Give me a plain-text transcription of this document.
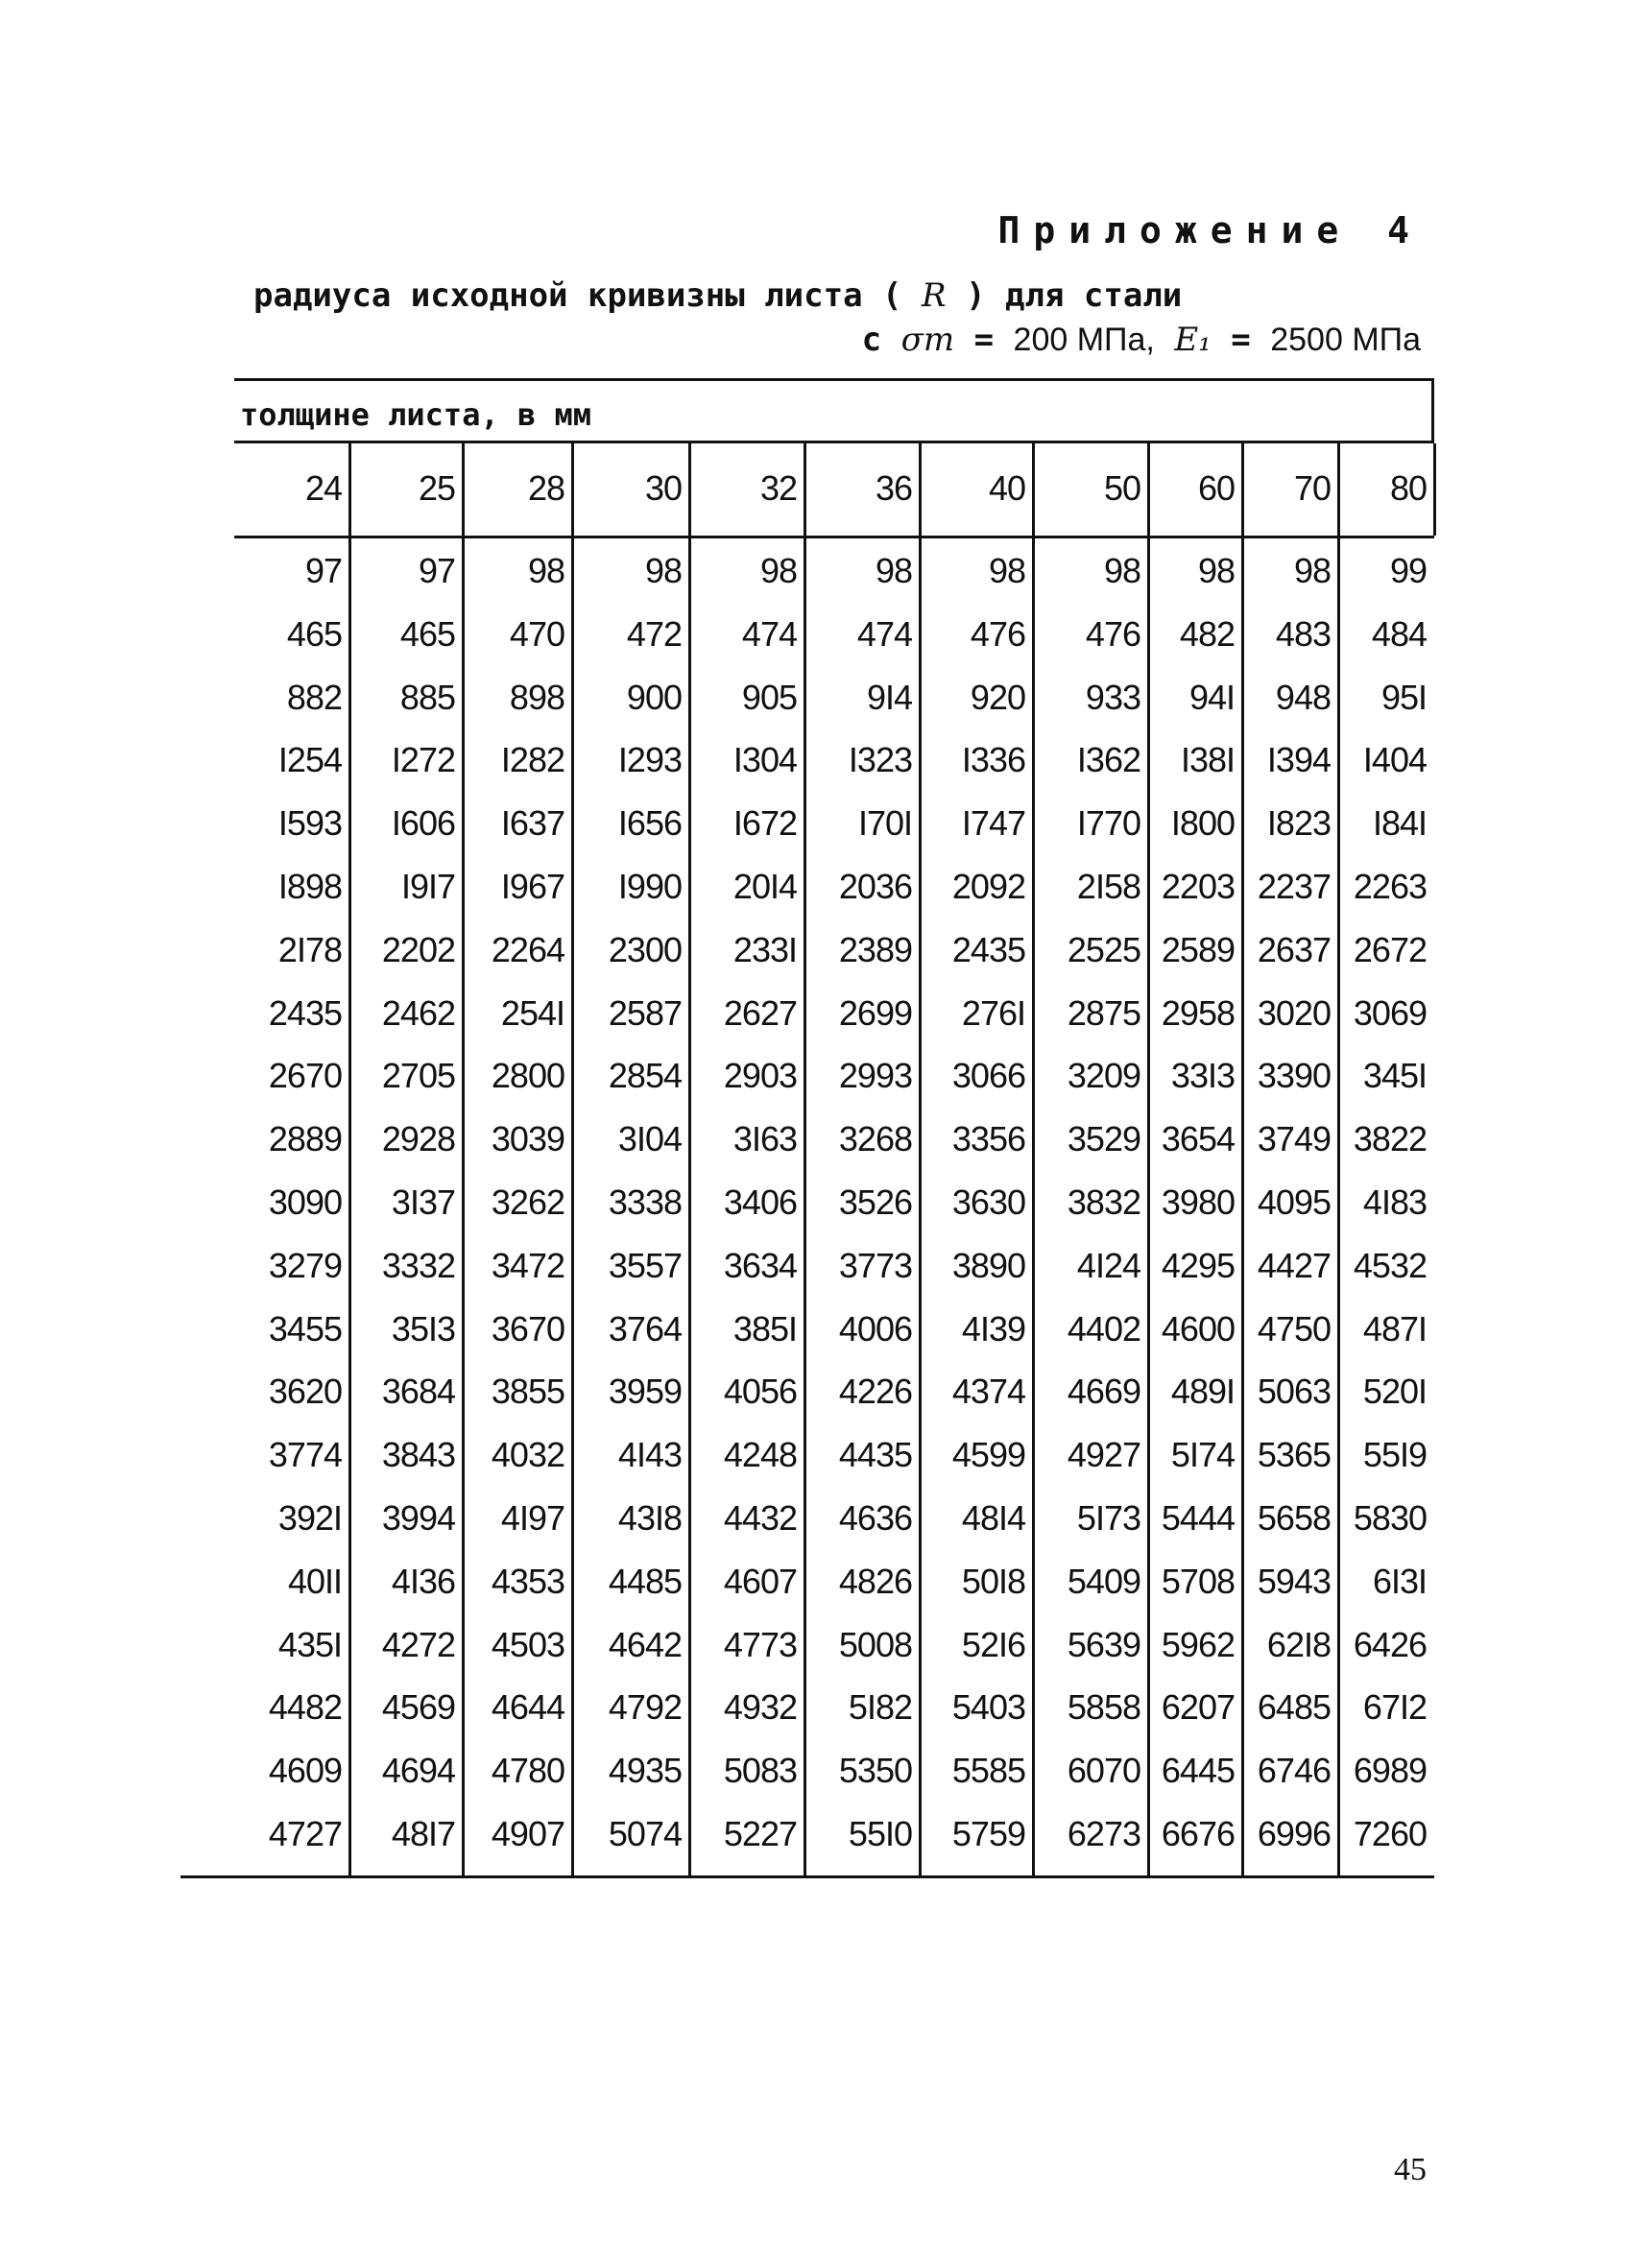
Приложение 4
радиуса исходной кривизны листа ( R ) для стали
с σт = 200 МПа, E₁ = 2500 МПа
толщине листа, в мм
24	25	28	30	32	36	40	50	60	70	80
97	97	98	98	98	98	98	98	98	98	99
465	465	470	472	474	474	476	476	482	483	484
882	885	898	900	905	9I4	920	933	94I	948	95I
I254	I272	I282	I293	I304	I323	I336	I362	I38I I394 I404
I593	I606	I637	I656	I672	I70I	I747	I770 I800 I823	I84I
I898	I9I7	I967	I990	20I4	2036	2092	2I58 2203 2237 2263
2I78	2202	2264	2300	233I	2389	2435	2525 2589 2637 2672
2435	2462	254I	2587	2627	2699	276I	2875 2958 3020 3069
2670	2705	2800	2854	2903	2993	3066	3209 33I3 3390 345I
2889	2928	3039	3I04	3I63	3268	3356	3529 3654 3749 3822
3090	3I37	3262	3338	3406	3526	3630	3832 3980 4095 4I83
3279	3332	3472	3557	3634	3773	3890	4I24 4295 4427 4532
3455	35I3	3670	3764	385I	4006	4I39	4402 4600 4750 487I
3620	3684	3855	3959	4056	4226	4374	4669 489I 5063 520I
3774	3843	4032	4I43	4248	4435	4599	4927 5I74 5365 55I9
392I	3994	4I97	43I8	4432	4636	48I4	5I73 5444 5658 5830
40II	4I36	4353	4485	4607	4826	50I8	5409 5708 5943	6I3I
435I	4272	4503	4642	4773	5008	52I6	5639 5962 62I8 6426
4482	4569	4644	4792	4932	5I82	5403	5858 6207 6485 67I2
4609	4694	4780	4935	5083	5350	5585	6070 6445 6746 6989
4727	48I7	4907	5074	5227	55I0	5759	6273 6676 6996 7260
45
